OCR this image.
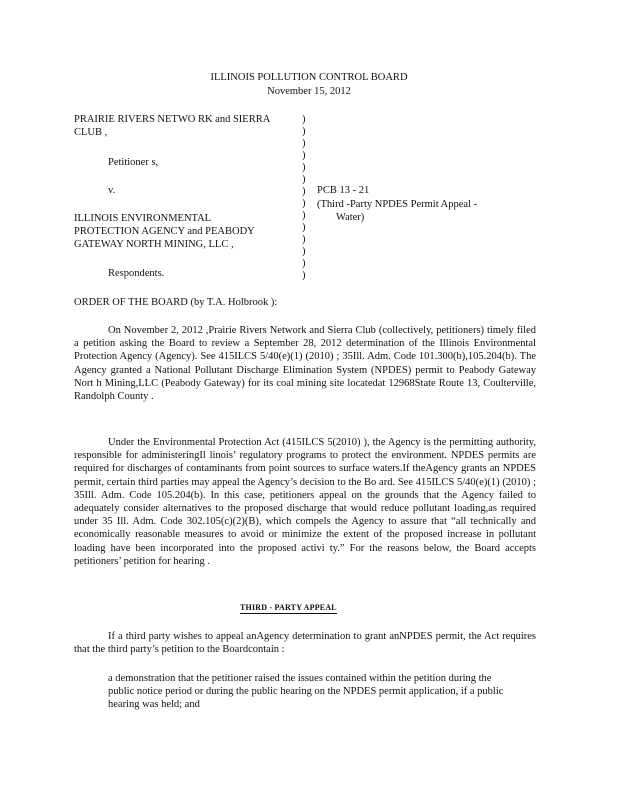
ILLINOIS POLLUTION CONTROL BOARD
November 15, 2012
PRAIRIE RIVERS NETWO RK and SIERRA
CLUB ,
Petitioner s,
v.
ILLINOIS ENVIRONMENTAL
PROTECTION AGENCY and PEABODY
GATEWAY NORTH MINING, LLC ,
Respondents.
)
)
)
)
)
)
)
)
)
)
)
)
)
)
PCB 13 - 21
(Third -Party NPDES Permit Appeal -
Water)
ORDER OF THE BOARD (by T.A. Holbrook ):
On November 2, 2012 ,Prairie Rivers Network and Sierra Club (collectively, petitioners) timely filed a petition asking the Board to review a September 28, 2012 determination of the Illinois Environmental Protection Agency (Agency). See 415ILCS 5/40(e)(1) (2010) ; 35Ill. Adm. Code 101.300(b),105.204(b). The Agency granted a National Pollutant Discharge Elimination System (NPDES) permit to Peabody Gateway Nort h Mining,LLC (Peabody Gateway) for its coal mining site locatedat 12968State Route 13, Coulterville, Randolph County .
Under the Environmental Protection Act (415ILCS 5(2010) ), the Agency is the permitting authority, responsible for administeringIl linois’ regulatory programs to protect the environment. NPDES permits are required for discharges of contaminants from point sources to surface waters.If theAgency grants an NPDES permit, certain third parties may appeal the Agency’s decision to the Bo ard. See 415ILCS 5/40(e)(1) (2010) ; 35Ill. Adm. Code 105.204(b). In this case, petitioners appeal on the grounds that the Agency failed to adequately consider alternatives to the proposed discharge that would reduce pollutant loading,as required under 35 Ill. Adm. Code 302.105(c)(2)(B), which compels the Agency to assure that “all technically and economically reasonable measures to avoid or minimize the extent of the proposed increase in pollutant loading have been incorporated into the proposed activi ty.” For the reasons below, the Board accepts petitioners’ petition for hearing .
THIRD - PARTY APPEAL
If a third party wishes to appeal anAgency determination to grant anNPDES permit, the Act requires that the third party’s petition to the Boardcontain :
a demonstration that the petitioner raised the issues contained within the petition during the public notice period or during the public hearing on the NPDES permit application, if a public hearing was held; and
